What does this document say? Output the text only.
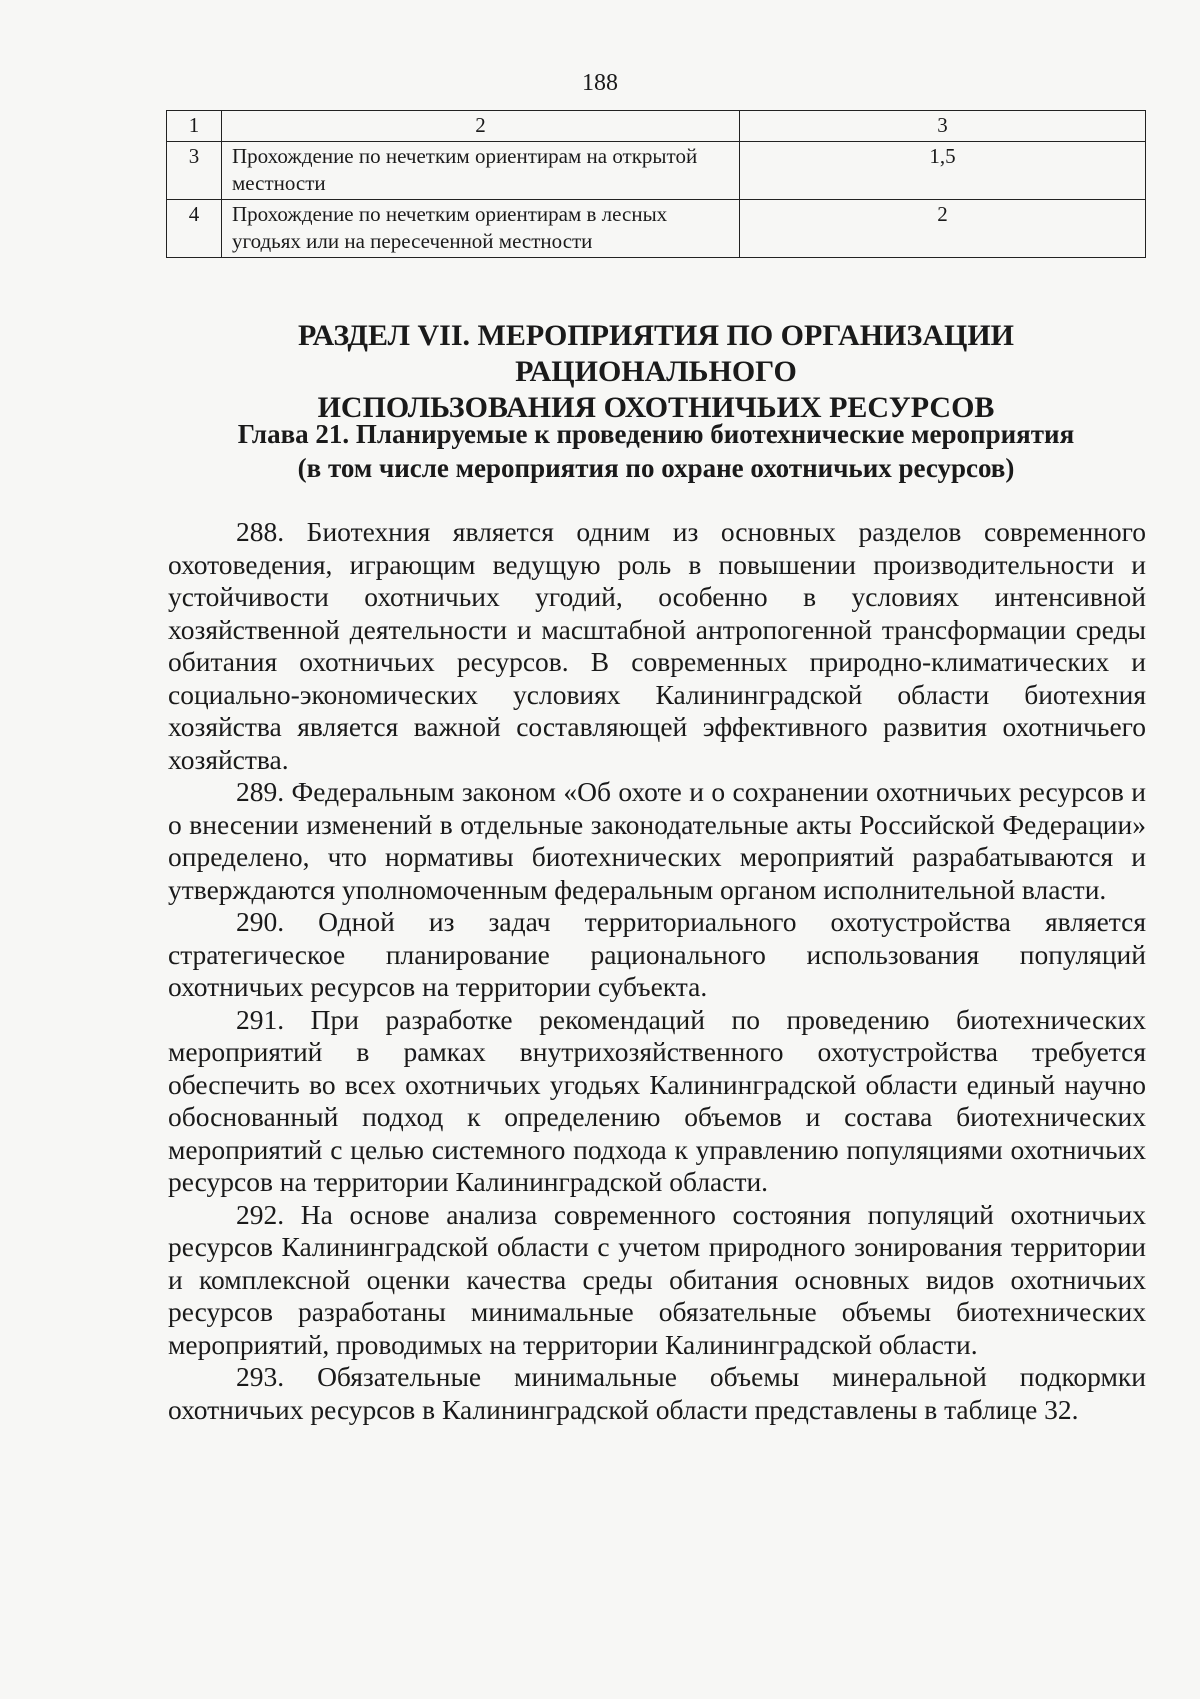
188
1	2	3
3	Прохождение по нечетким ориентирам на открытой местности	1,5
4	Прохождение по нечетким ориентирам в лесных угодьях или на пересеченной местности	2
РАЗДЕЛ VII. МЕРОПРИЯТИЯ ПО ОРГАНИЗАЦИИ РАЦИОНАЛЬНОГО
ИСПОЛЬЗОВАНИЯ ОХОТНИЧЬИХ РЕСУРСОВ
Глава 21. Планируемые к проведению биотехнические мероприятия
(в том числе мероприятия по охране охотничьих ресурсов)

288. Биотехния является одним из основных разделов современного охотоведения, играющим ведущую роль в повышении производительности и устойчивости охотничьих угодий, особенно в условиях интенсивной хозяйственной деятельности и масштабной антропогенной трансформации среды обитания охотничьих ресурсов. В современных природно-климатических и социально-экономических условиях Калининградской области биотехния хозяйства является важной составляющей эффективного развития охотничьего хозяйства.

289. Федеральным законом «Об охоте и о сохранении охотничьих ресурсов и о внесении изменений в отдельные законодательные акты Российской Федерации» определено, что нормативы биотехнических мероприятий разрабатываются и утверждаются уполномоченным федеральным органом исполнительной власти.

290. Одной из задач территориального охотустройства является стратегическое планирование рационального использования популяций охотничьих ресурсов на территории субъекта.

291. При разработке рекомендаций по проведению биотехнических мероприятий в рамках внутрихозяйственного охотустройства требуется обеспечить во всех охотничьих угодьях Калининградской области единый научно обоснованный подход к определению объемов и состава биотехнических мероприятий с целью системного подхода к управлению популяциями охотничьих ресурсов на территории Калининградской области.

292. На основе анализа современного состояния популяций охотничьих ресурсов Калининградской области с учетом природного зонирования территории и комплексной оценки качества среды обитания основных видов охотничьих ресурсов разработаны минимальные обязательные объемы биотехнических мероприятий, проводимых на территории Калининградской области.

293. Обязательные минимальные объемы минеральной подкормки охотничьих ресурсов в Калининградской области представлены в таблице 32.
